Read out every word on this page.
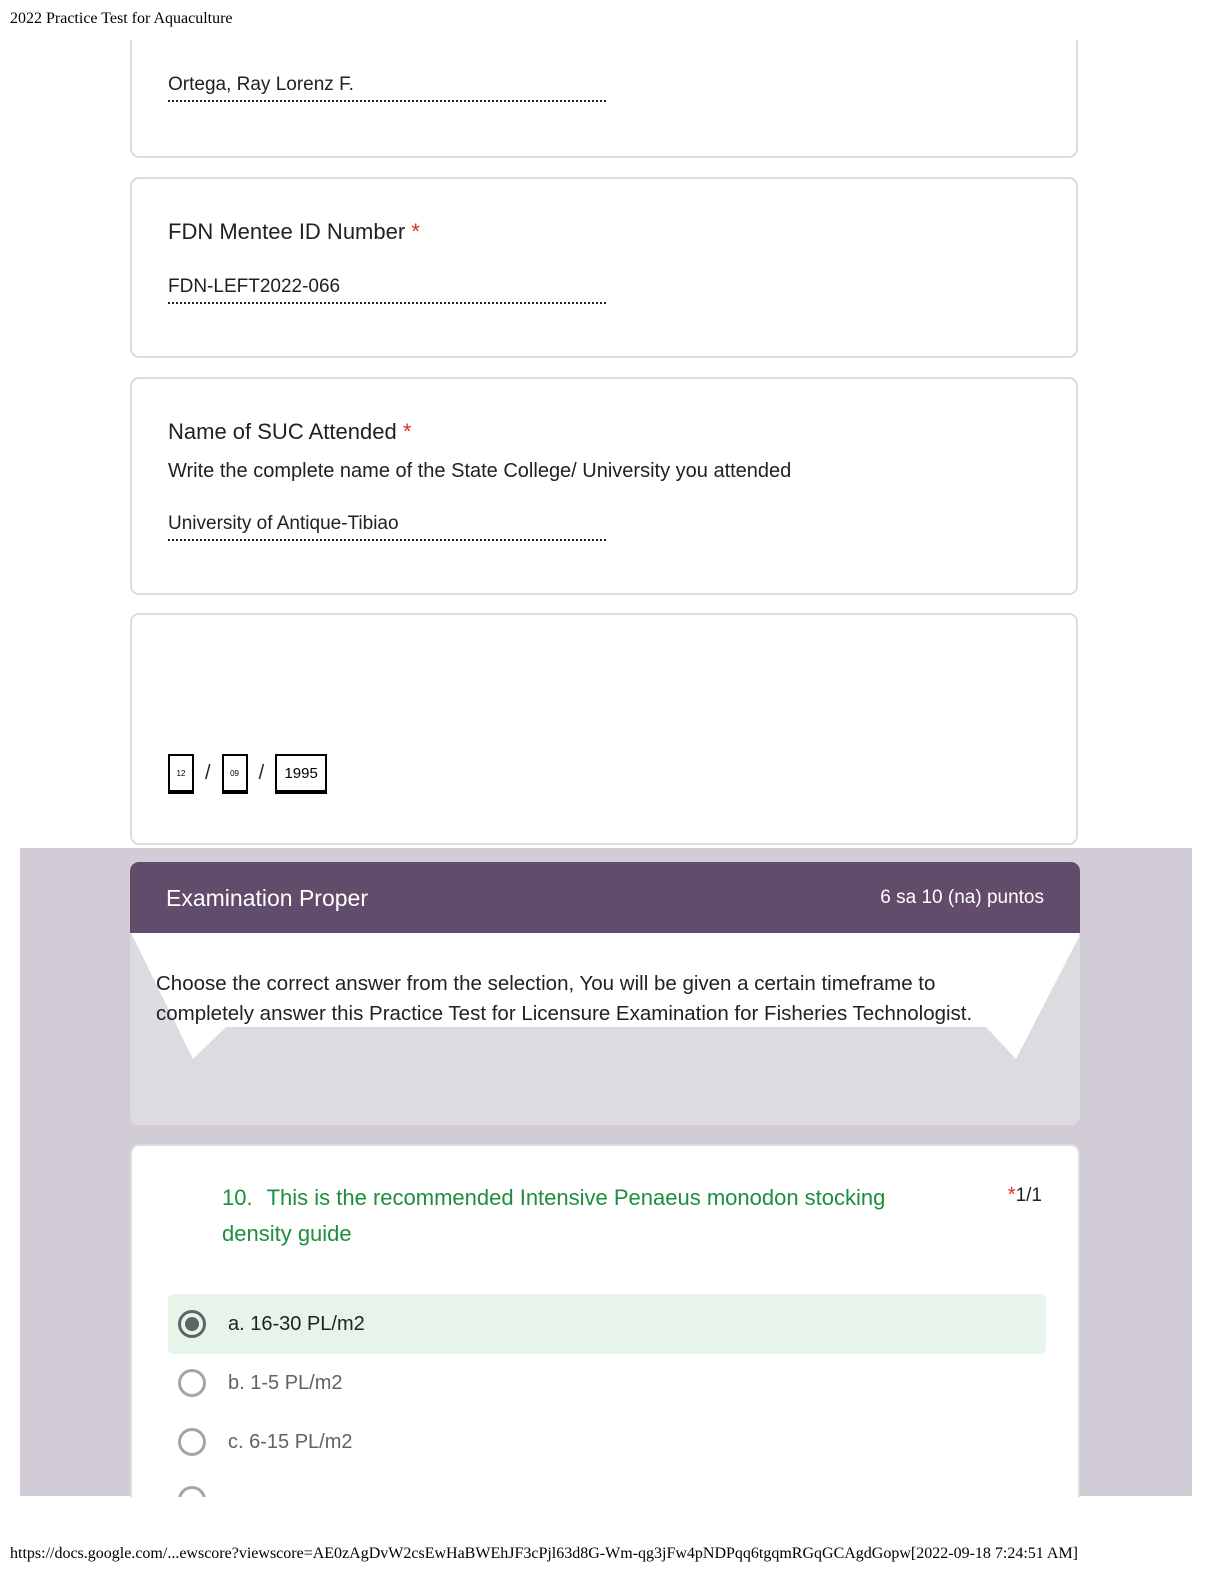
2022 Practice Test for Aquaculture
Ortega, Ray Lorenz F.
FDN Mentee ID Number *
FDN-LEFT2022-066
Name of SUC Attended *
Write the complete name of the State College/ University you attended
University of Antique-Tibiao
12 /	09 /	1995
Examination Proper	6 sa 10 (na) puntos
Choose the correct answer from the selection, You will be given a certain timeframe to completely answer this Practice Test for Licensure Examination for Fisheries Technologist.
10. This is the recommended Intensive Penaeus monodon stocking density guide
*1/1
a. 16-30 PL/m2
b. 1-5 PL/m2
c. 6-15 PL/m2
https://docs.google.com/...ewscore?viewscore=AE0zAgDvW2csEwHaBWEhJF3cPjl63d8G-Wm-qg3jFw4pNDPqq6tgqmRGqGCAgdGopw[2022-09-18 7:24:51 AM]
